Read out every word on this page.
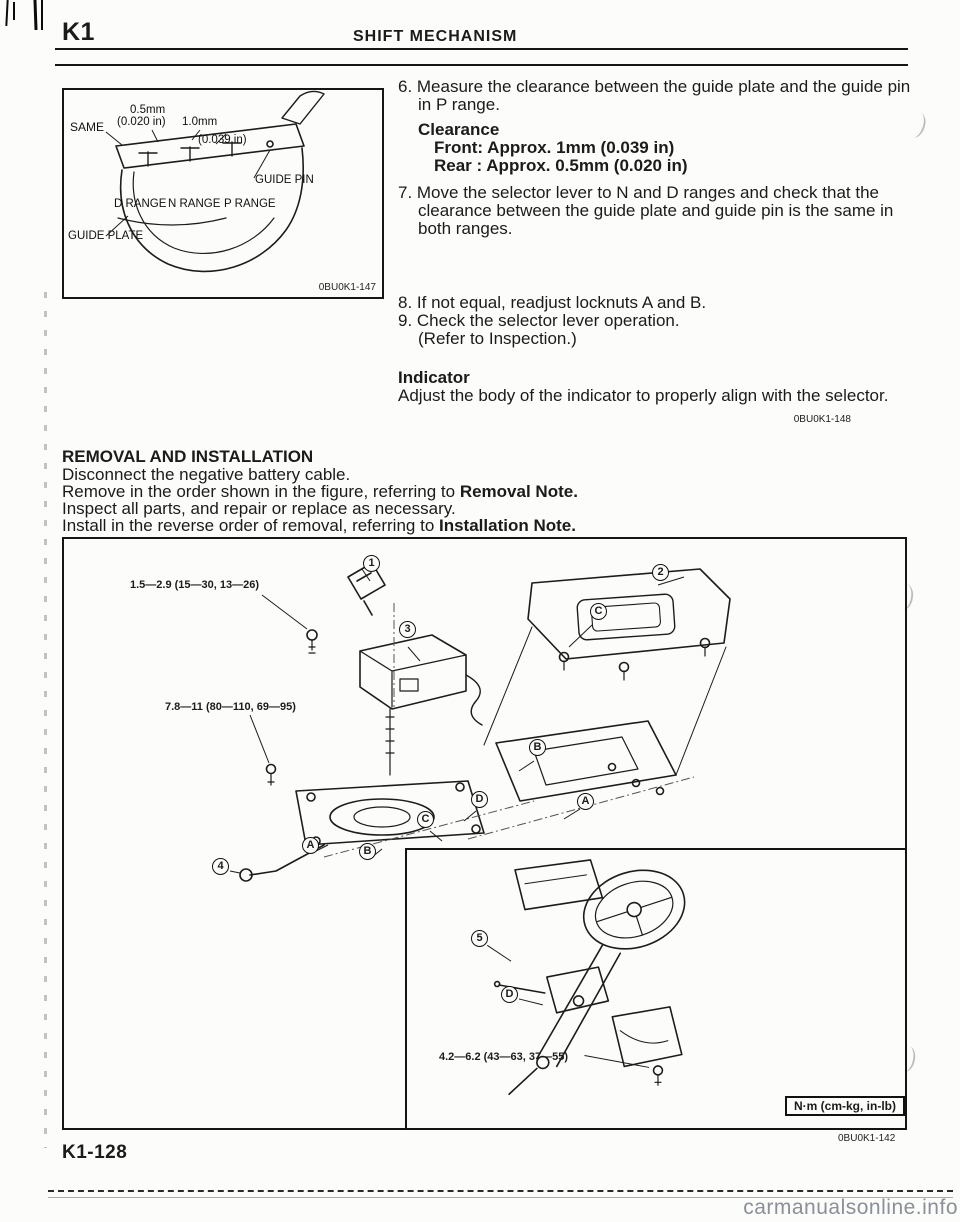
K1	SHIFT MECHANISM
SAME
0.5mm
(0.020 in) 1.0mm
(0.039 in)
GUIDE PIN
D RANGE N RANGE P RANGE
GUIDE PLATE
0BU0K1-147
6. Measure the clearance between the guide plate and the guide pin in P range.
Clearance
Front: Approx. 1mm (0.039 in)
Rear : Approx. 0.5mm (0.020 in)
7. Move the selector lever to N and D ranges and check that the clearance between the guide plate and guide pin is the same in both ranges.
8. If not equal, readjust locknuts A and B.
9. Check the selector lever operation.
(Refer to Inspection.)
Indicator
Adjust the body of the indicator to properly align with the selector.
0BU0K1-148
REMOVAL AND INSTALLATION
Disconnect the negative battery cable.
Remove in the order shown in the figure, referring to Removal Note.
Inspect all parts, and repair or replace as necessary.
Install in the reverse order of removal, referring to Installation Note.
1.5—2.9 (15—30, 13—26)
7.8—11 (80—110, 69—95)
4.2—6.2 (43—63, 37—55)
1
2
3
4
5
C
B
D	A
C
A	B
D
N·m (cm-kg, in-lb)
0BU0K1-142
K1-128
carmanualsonline.info
